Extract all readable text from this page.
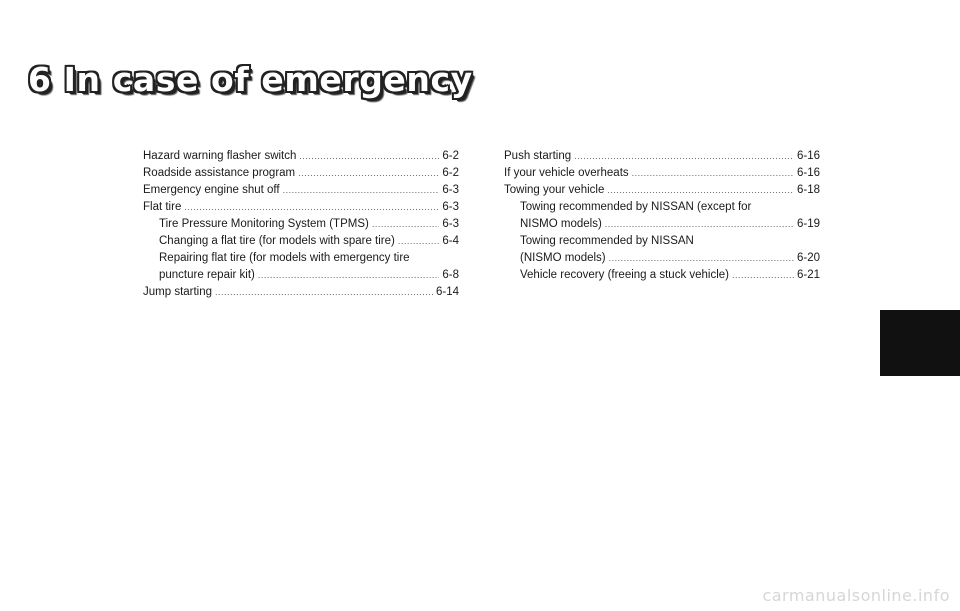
6 In case of emergency
Hazard warning flasher switch .....	6-2
Roadside assistance program .....	6-2
Emergency engine shut off .....	6-3
Flat tire .....	6-3
Tire Pressure Monitoring System (TPMS) .....	6-3
Changing a flat tire (for models with spare tire) .....	6-4
Repairing flat tire (for models with emergency tire
puncture repair kit) .....	6-8
Jump starting .....	6-14
Push starting .....	6-16
If your vehicle overheats .....	6-16
Towing your vehicle .....	6-18
Towing recommended by NISSAN (except for
NISMO models) .....	6-19
Towing recommended by NISSAN
(NISMO models) .....	6-20
Vehicle recovery (freeing a stuck vehicle) .....	6-21
carmanualsonline.info
